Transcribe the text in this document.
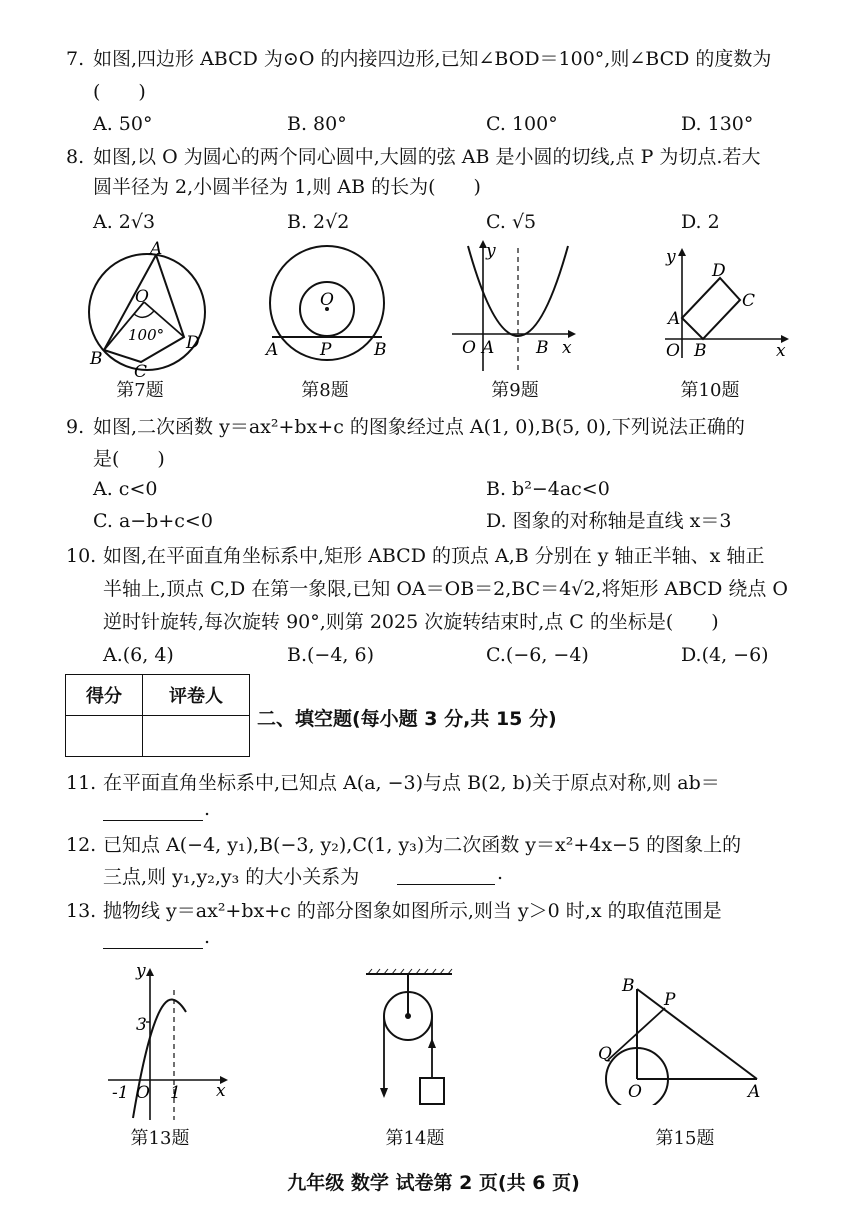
7. 如图,四边形 ABCD 为⊙O 的内接四边形,已知∠BOD＝100°,则∠BCD 的度数为
(　　)
A. 50°	B. 80°	C. 100°	D. 130°
8. 如图,以 O 为圆心的两个同心圆中,大圆的弦 AB 是小圆的切线,点 P 为切点.若大
圆半径为 2,小圆半径为 1,则 AB 的长为(　　)
A. 2√3	B. 2√2	C. √5	D. 2
A
O
100°
B
C
D
第7题
O
A P	B
第8题
y
O A B x
第9题
y
D
C
A
O B	x
第10题
9. 如图,二次函数 y＝ax²+bx+c 的图象经过点 A(1, 0),B(5, 0),下列说法正确的
是(　　)
A. c<0	B. b²−4ac<0
C. a−b+c<0	D. 图象的对称轴是直线 x＝3
10. 如图,在平面直角坐标系中,矩形 ABCD 的顶点 A,B 分别在 y 轴正半轴、x 轴正
半轴上,顶点 C,D 在第一象限,已知 OA＝OB＝2,BC＝4√2,将矩形 ABCD 绕点 O
逆时针旋转,每次旋转 90°,则第 2025 次旋转结束时,点 C 的坐标是(　　)
A.(6, 4)	B.(−4, 6)	C.(−6, −4)	D.(4, −6)
得分	评卷人

二、填空题(每小题 3 分,共 15 分)
11. 在平面直角坐标系中,已知点 A(a, −3)与点 B(2, b)关于原点对称,则 ab＝
.
12. 已知点 A(−4, y₁),B(−3, y₂),C(1, y₃)为二次函数 y＝x²+4x−5 的图象上的
三点,则 y₁,y₂,y₃ 的大小关系为	.
13. 抛物线 y＝ax²+bx+c 的部分图象如图所示,则当 y＞0 时,x 的取值范围是
.
y
3
-1 O 1 x
第13题	第14题
B
P
Q
O	A
第15题
九年级 数学 试卷第 2 页(共 6 页)
